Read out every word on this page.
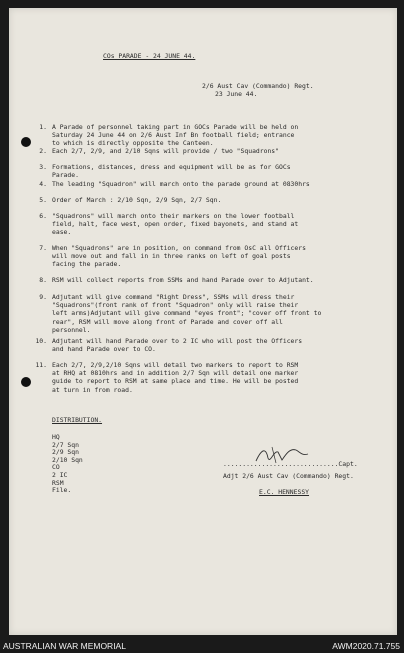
COs PARADE - 24 JUNE 44.
2/6 Aust Cav (Commando) Regt.
23 June 44.
1. A Parade of personnel taking part in GOCs Parade will be held on
Saturday 24 June 44 on 2/6 Aust Inf Bn football field; entrance
to which is directly opposite the Canteen.
2. Each 2/7, 2/9, and 2/10 Sqns will provide / two "Squadrons"
3. Formations, distances, dress and equipment will be as for GOCs
Parade.
4. The leading "Squadron" will march onto the parade ground at 0830hrs
5. Order of March : 2/10 Sqn, 2/9 Sqn, 2/7 Sqn.
6. "Squadrons" will march onto their markers on the lower football
field, halt, face west, open order, fixed bayonets, and stand at
ease.
7. When "Squadrons" are in position, on command from OsC all Officers
will move out and fall in in three ranks on left of goal posts
facing the parade.
8. RSM will collect reports from SSMs and hand Parade over to Adjutant.
9. Adjutant will give command "Right Dress", SSMs will dress their
"Squadrons"(front rank of front "Squadron" only will raise their
left arms)Adjutant will give command "eyes front"; "cover off front to
rear", RSM will move along front of Parade and cover off all
personnel.
10. Adjutant will hand Parade over to 2 IC who will post the Officers
and hand Parade over to CO.
11. Each 2/7, 2/9,2/10 Sqns will detail two markers to report to RSM
at RHQ at 0810hrs and in addition 2/7 Sqn will detail one marker
guide to report to RSM at same place and time. He will be posted
at turn in from road.
DISTRIBUTION.
HQ
2/7 Sqn
2/9 Sqn
2/10 Sqn
CO
2 IC
RSM
File.
..............................Capt.
Adjt 2/6 Aust Cav (Commando) Regt.
E.C. HENNESSY
AUSTRALIAN WAR MEMORIAL	AWM2020.71.755
